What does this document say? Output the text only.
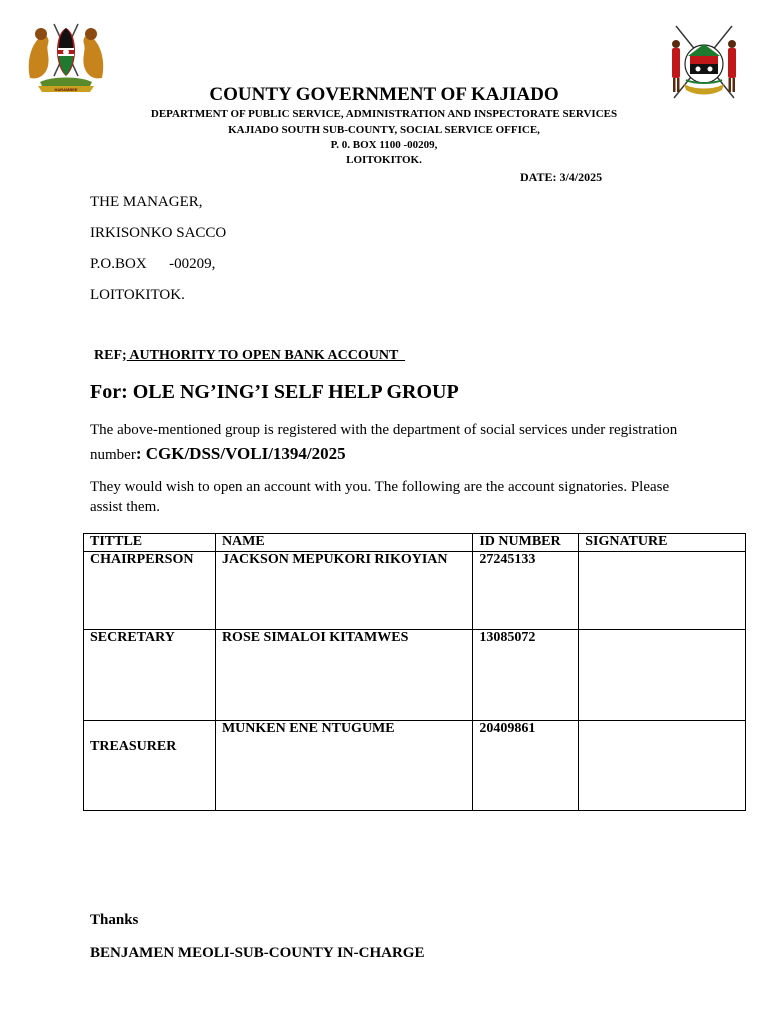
HARAMBEE	COUNTY GOVERNMENT OF KAJIADO
DEPARTMENT OF PUBLIC SERVICE, ADMINISTRATION AND INSPECTORATE SERVICES
KAJIADO SOUTH SUB-COUNTY, SOCIAL SERVICE OFFICE,
P. 0. BOX 1100 -00209,
LOITOKITOK.
DATE: 3/4/2025
THE MANAGER,
IRKISONKO SACCO
P.O.BOX      -00209,
LOITOKITOK.
REF; AUTHORITY TO OPEN BANK ACCOUNT
For: OLE NG’ING’I SELF HELP GROUP
The above-mentioned group is registered with the department of social services under registration number: CGK/DSS/VOLI/1394/2025
They would wish to open an account with you. The following are the account signatories. Please assist them.
TITTLE	NAME	ID NUMBER	SIGNATURE
CHAIRPERSON	JACKSON MEPUKORI RIKOYIAN	27245133	
SECRETARY	ROSE SIMALOI KITAMWES	13085072	
TREASURER	MUNKEN ENE NTUGUME	20409861	
Thanks
BENJAMEN MEOLI-SUB-COUNTY IN-CHARGE
